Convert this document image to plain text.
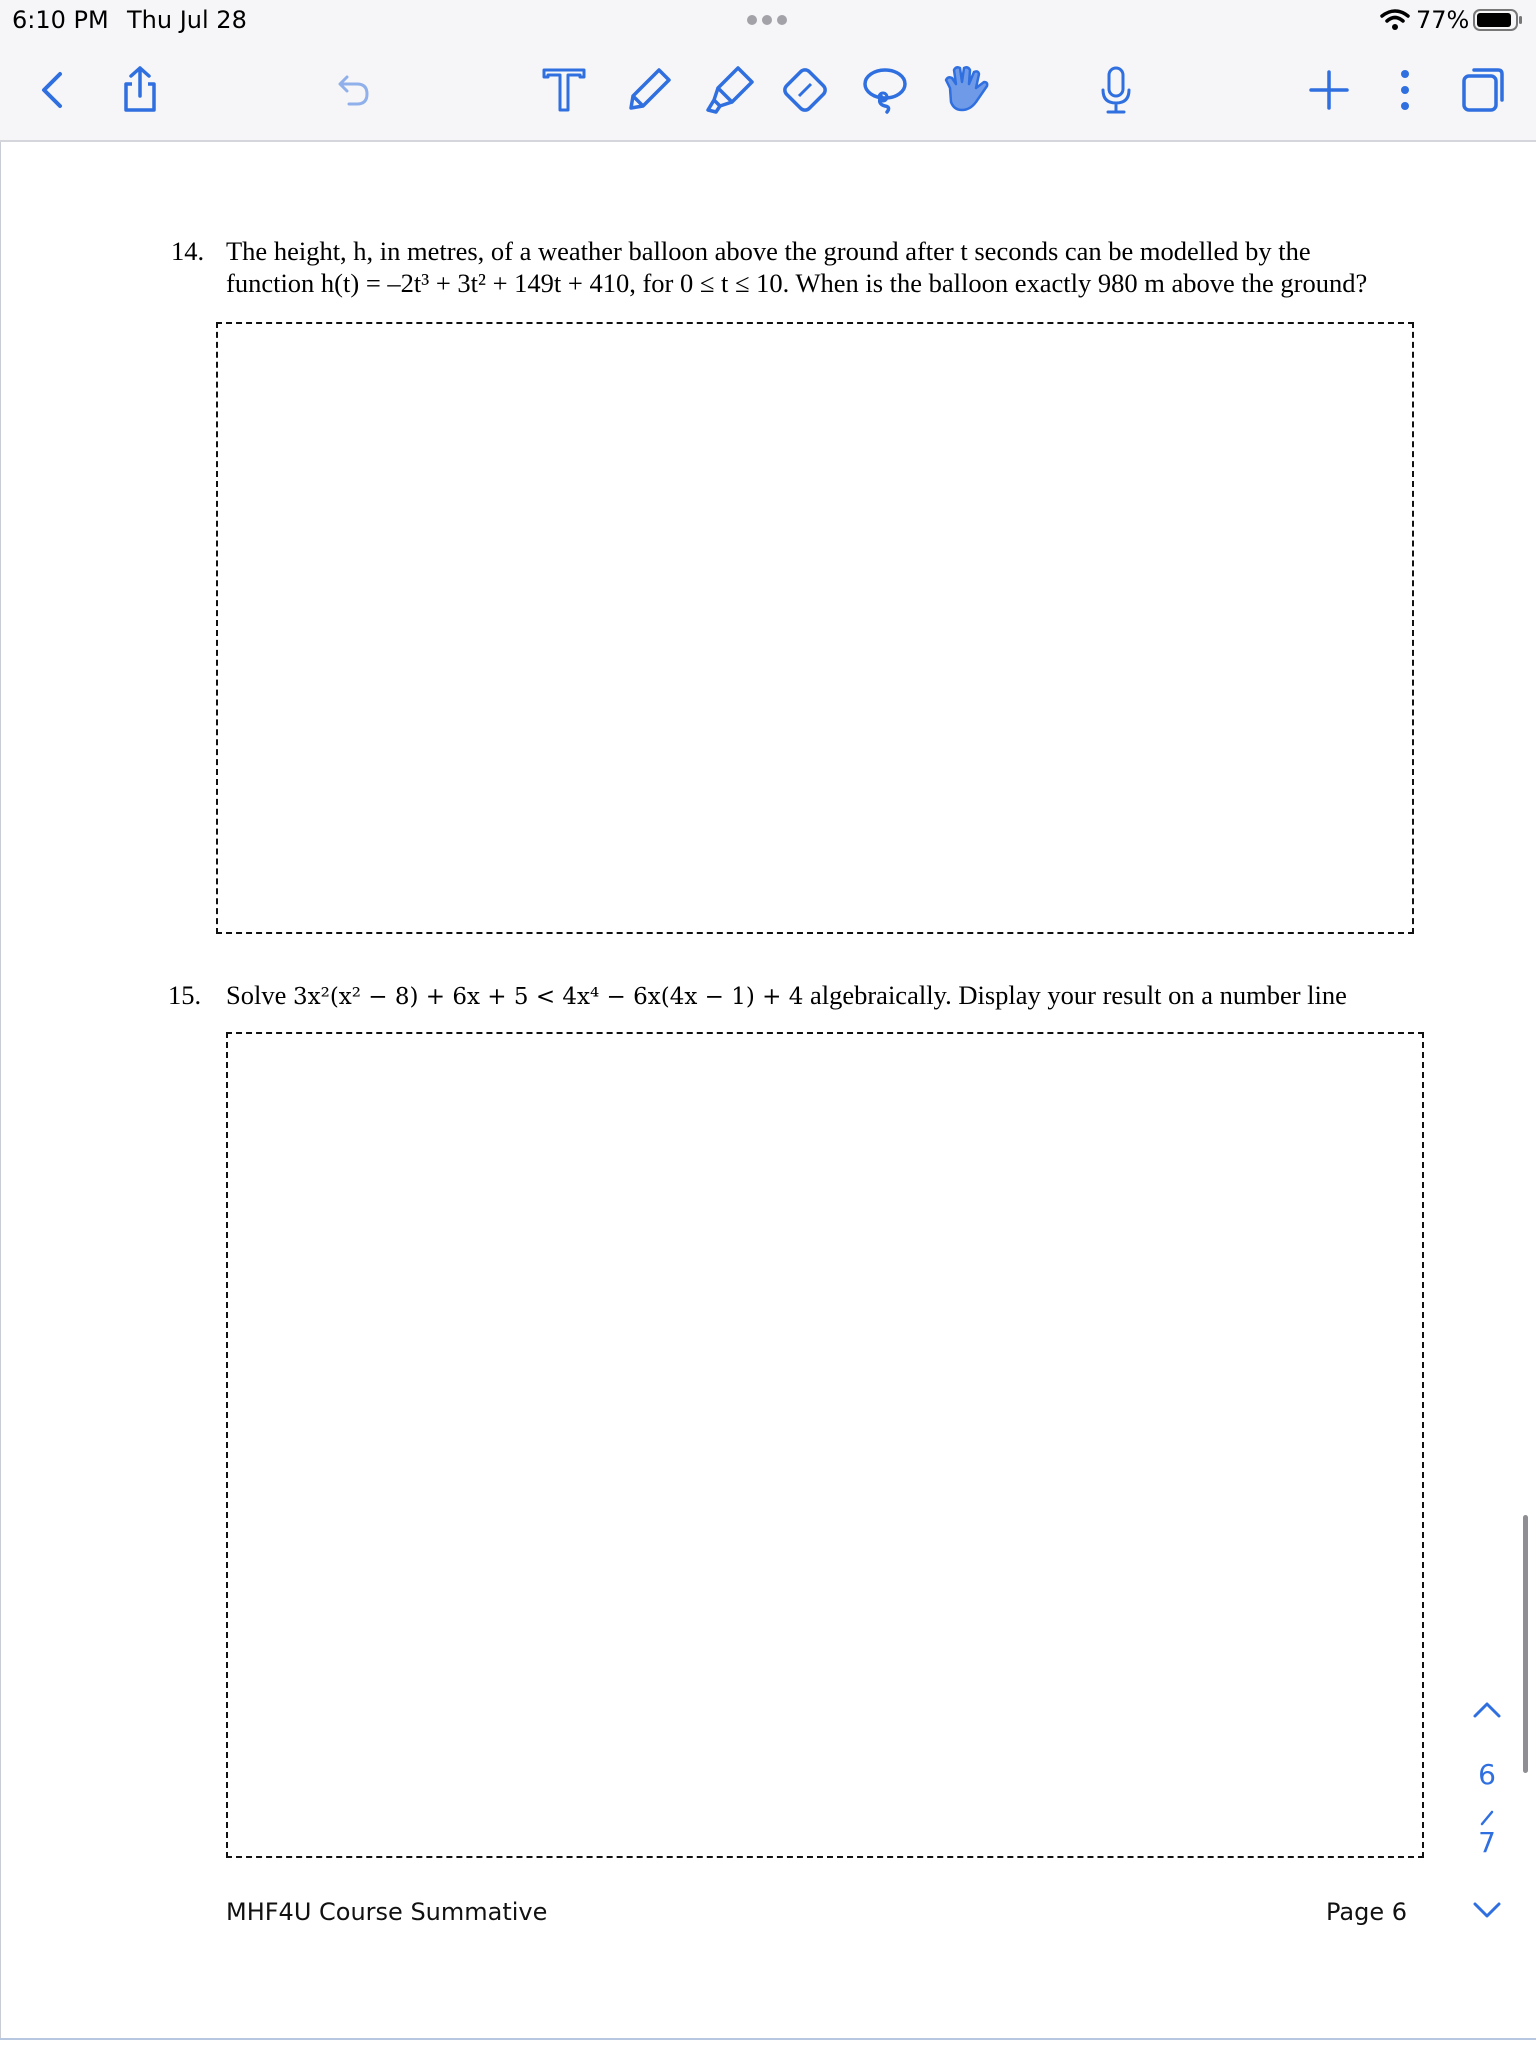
6:10 PM Thu Jul 28	77%
14. The height, h, in metres, of a weather balloon above the ground after t seconds can be modelled by the
function h(t) = –2t³ + 3t² + 149t + 410, for 0 ≤ t ≤ 10. When is the balloon exactly 980 m above the ground?
15. Solve 3x²(x² − 8) + 6x + 5 < 4x⁴ − 6x(4x − 1) + 4 algebraically. Display your result on a number line
MHF4U Course Summative	Page 6
6
7
